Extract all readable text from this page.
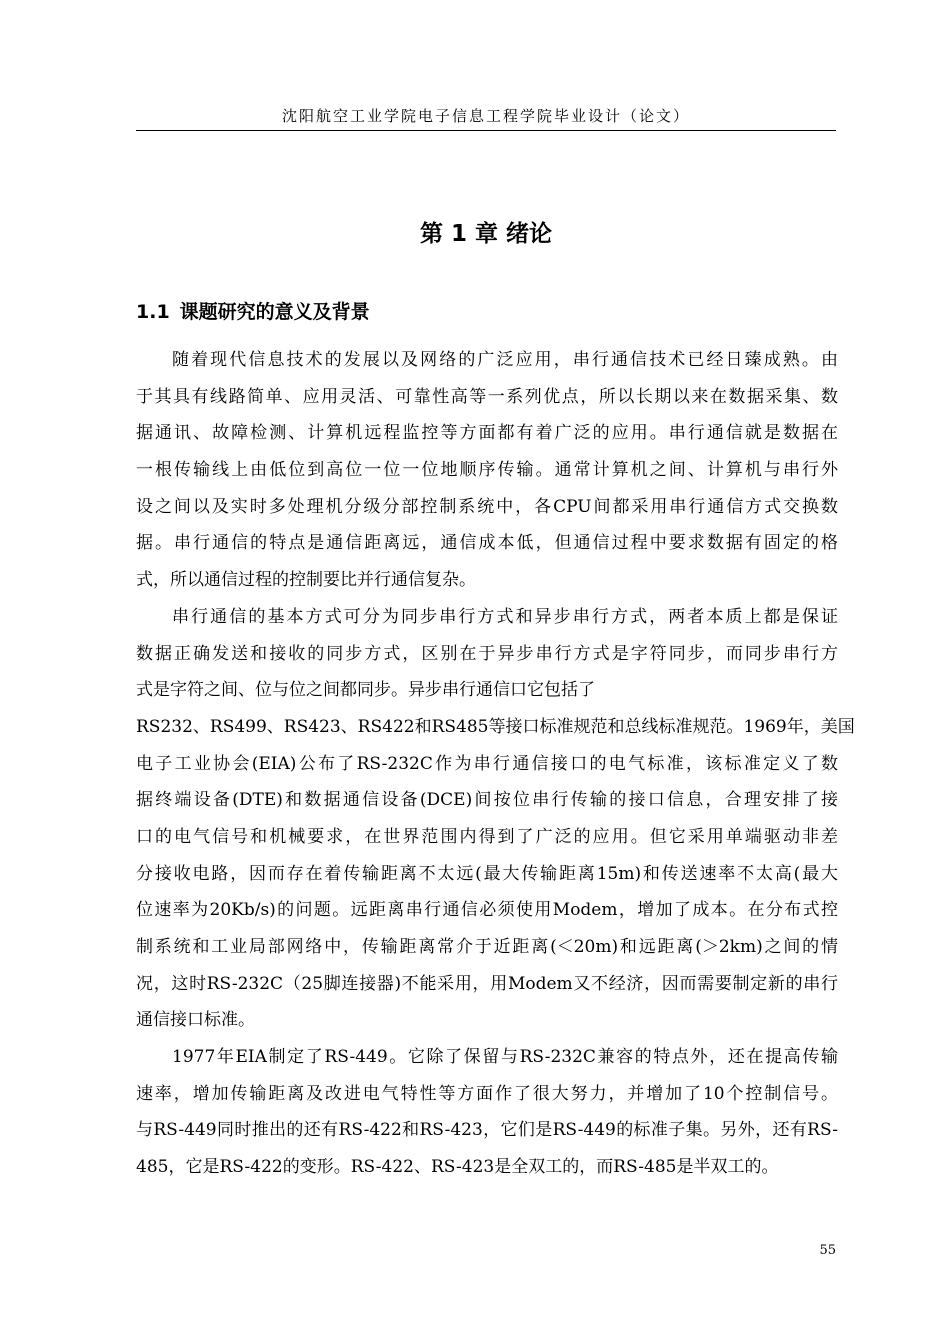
沈阳航空工业学院电子信息工程学院毕业设计（论文）
第 1 章 绪论
1.1 课题研究的意义及背景
随着现代信息技术的发展以及网络的广泛应用，串行通信技术已经日臻成熟。由
于其具有线路简单、应用灵活、可靠性高等一系列优点，所以长期以来在数据采集、数
据通讯、故障检测、计算机远程监控等方面都有着广泛的应用。串行通信就是数据在
一根传输线上由低位到高位一位一位地顺序传输。通常计算机之间、计算机与串行外
设之间以及实时多处理机分级分部控制系统中，各CPU间都采用串行通信方式交换数
据。串行通信的特点是通信距离远，通信成本低，但通信过程中要求数据有固定的格
式，所以通信过程的控制要比并行通信复杂。
串行通信的基本方式可分为同步串行方式和异步串行方式，两者本质上都是保证
数据正确发送和接收的同步方式，区别在于异步串行方式是字符同步，而同步串行方
式是字符之间、位与位之间都同步。异步串行通信口它包括了
RS232、RS499、RS423、RS422和RS485等接口标准规范和总线标准规范。1969年，美国
电子工业协会(EIA)公布了RS-232C作为串行通信接口的电气标准，该标准定义了数
据终端设备(DTE)和数据通信设备(DCE)间按位串行传输的接口信息，合理安排了接
口的电气信号和机械要求，在世界范围内得到了广泛的应用。但它采用单端驱动非差
分接收电路，因而存在着传输距离不太远(最大传输距离15m)和传送速率不太高(最大
位速率为20Kb/s)的问题。远距离串行通信必须使用Modem，增加了成本。在分布式控
制系统和工业局部网络中，传输距离常介于近距离(＜20m)和远距离(＞2km)之间的情
况，这时RS-232C（25脚连接器)不能采用，用Modem又不经济，因而需要制定新的串行
通信接口标准。
1977年EIA制定了RS-449。它除了保留与RS-232C兼容的特点外，还在提高传输
速率，增加传输距离及改进电气特性等方面作了很大努力，并增加了10个控制信号。
与RS-449同时推出的还有RS-422和RS-423，它们是RS-449的标准子集。另外，还有RS-
485，它是RS-422的变形。RS-422、RS-423是全双工的，而RS-485是半双工的。
55
